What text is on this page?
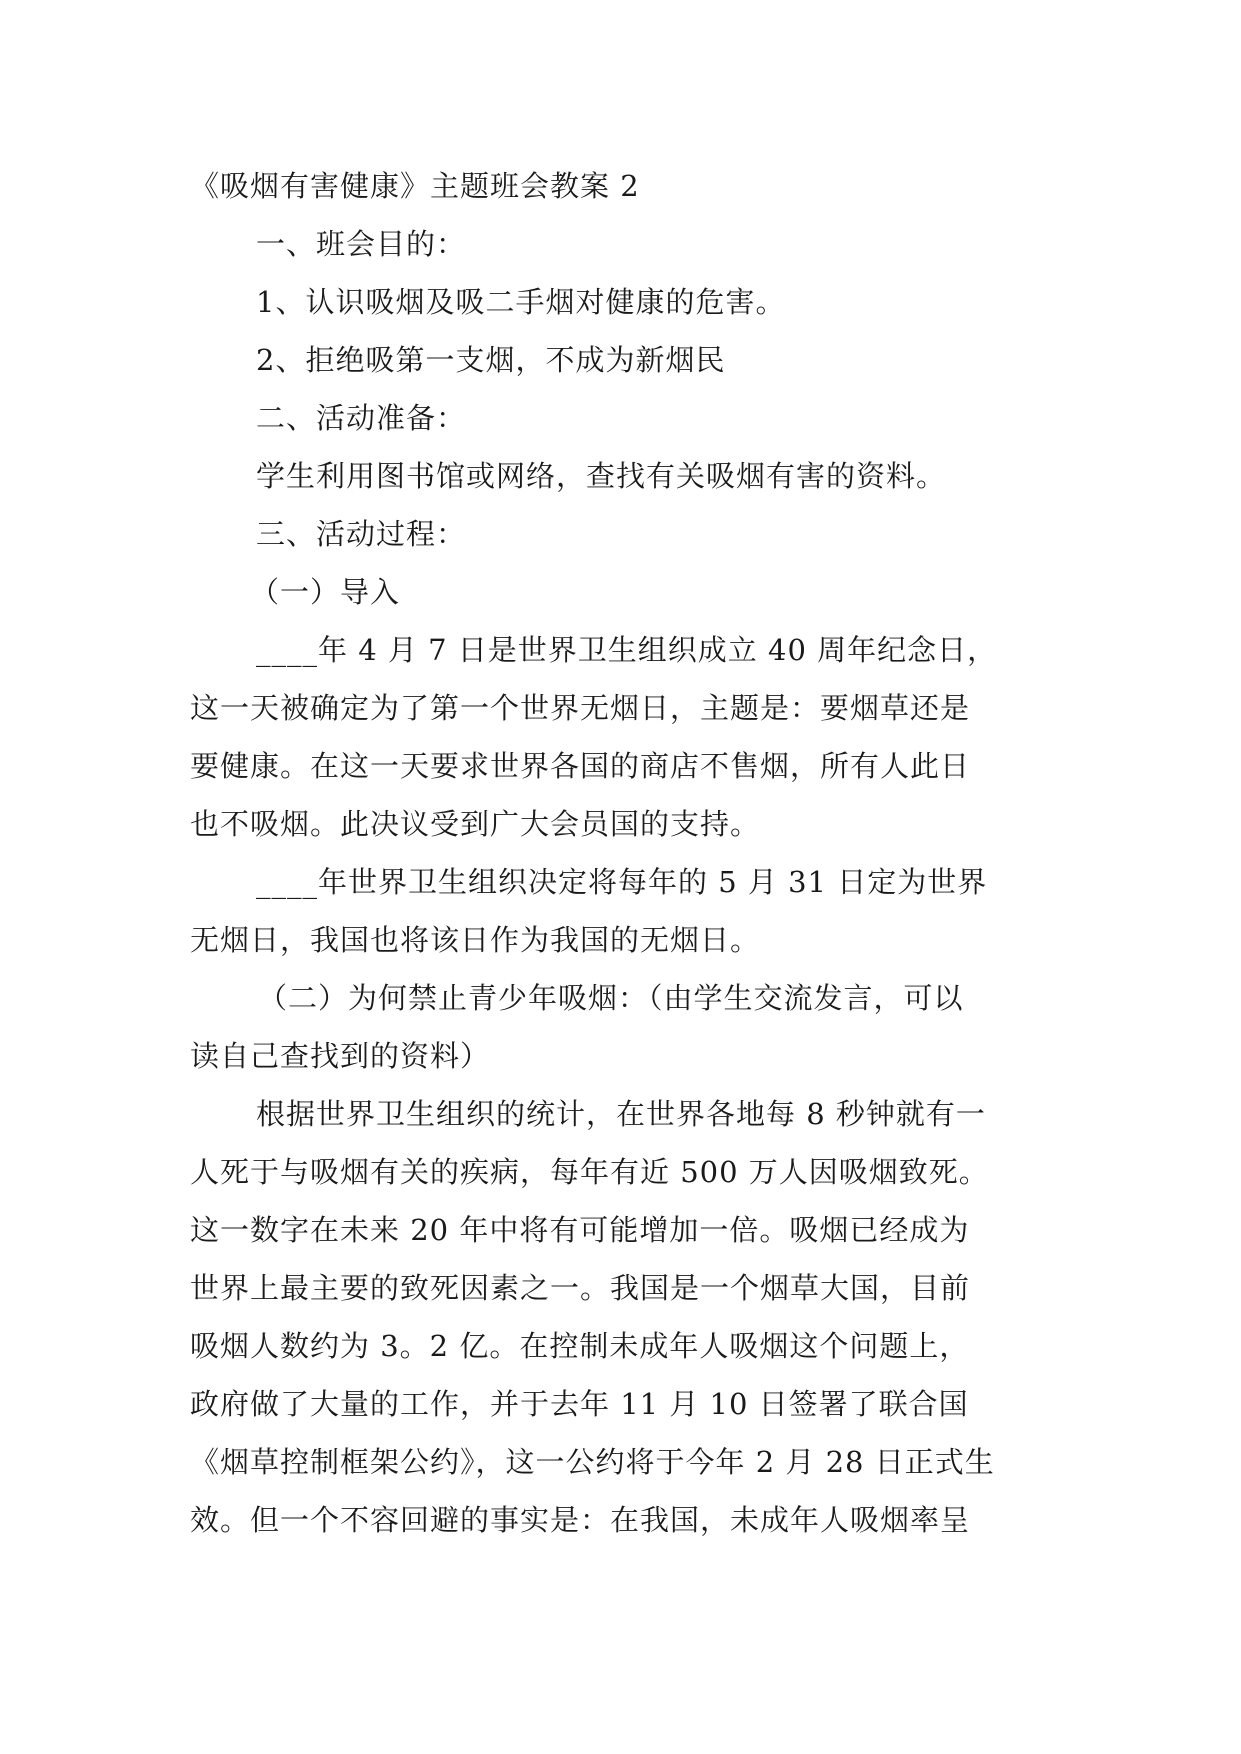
《吸烟有害健康》主题班会教案 2
一、班会目的：
1、认识吸烟及吸二手烟对健康的危害。
2、拒绝吸第一支烟，不成为新烟民
二、活动准备：
学生利用图书馆或网络，查找有关吸烟有害的资料。
三、活动过程：
（一）导入
____年 4 月 7 日是世界卫生组织成立 40 周年纪念日，
这一天被确定为了第一个世界无烟日，主题是：要烟草还是
要健康。在这一天要求世界各国的商店不售烟，所有人此日
也不吸烟。此决议受到广大会员国的支持。
____年世界卫生组织决定将每年的 5 月 31 日定为世界
无烟日，我国也将该日作为我国的无烟日。
（二）为何禁止青少年吸烟：（由学生交流发言，可以
读自己查找到的资料）
根据世界卫生组织的统计，在世界各地每 8 秒钟就有一
人死于与吸烟有关的疾病，每年有近 500 万人因吸烟致死。
这一数字在未来 20 年中将有可能增加一倍。吸烟已经成为
世界上最主要的致死因素之一。我国是一个烟草大国，目前
吸烟人数约为 3。2 亿。在控制未成年人吸烟这个问题上，
政府做了大量的工作，并于去年 11 月 10 日签署了联合国
《烟草控制框架公约》，这一公约将于今年 2 月 28 日正式生
效。但一个不容回避的事实是：在我国，未成年人吸烟率呈
